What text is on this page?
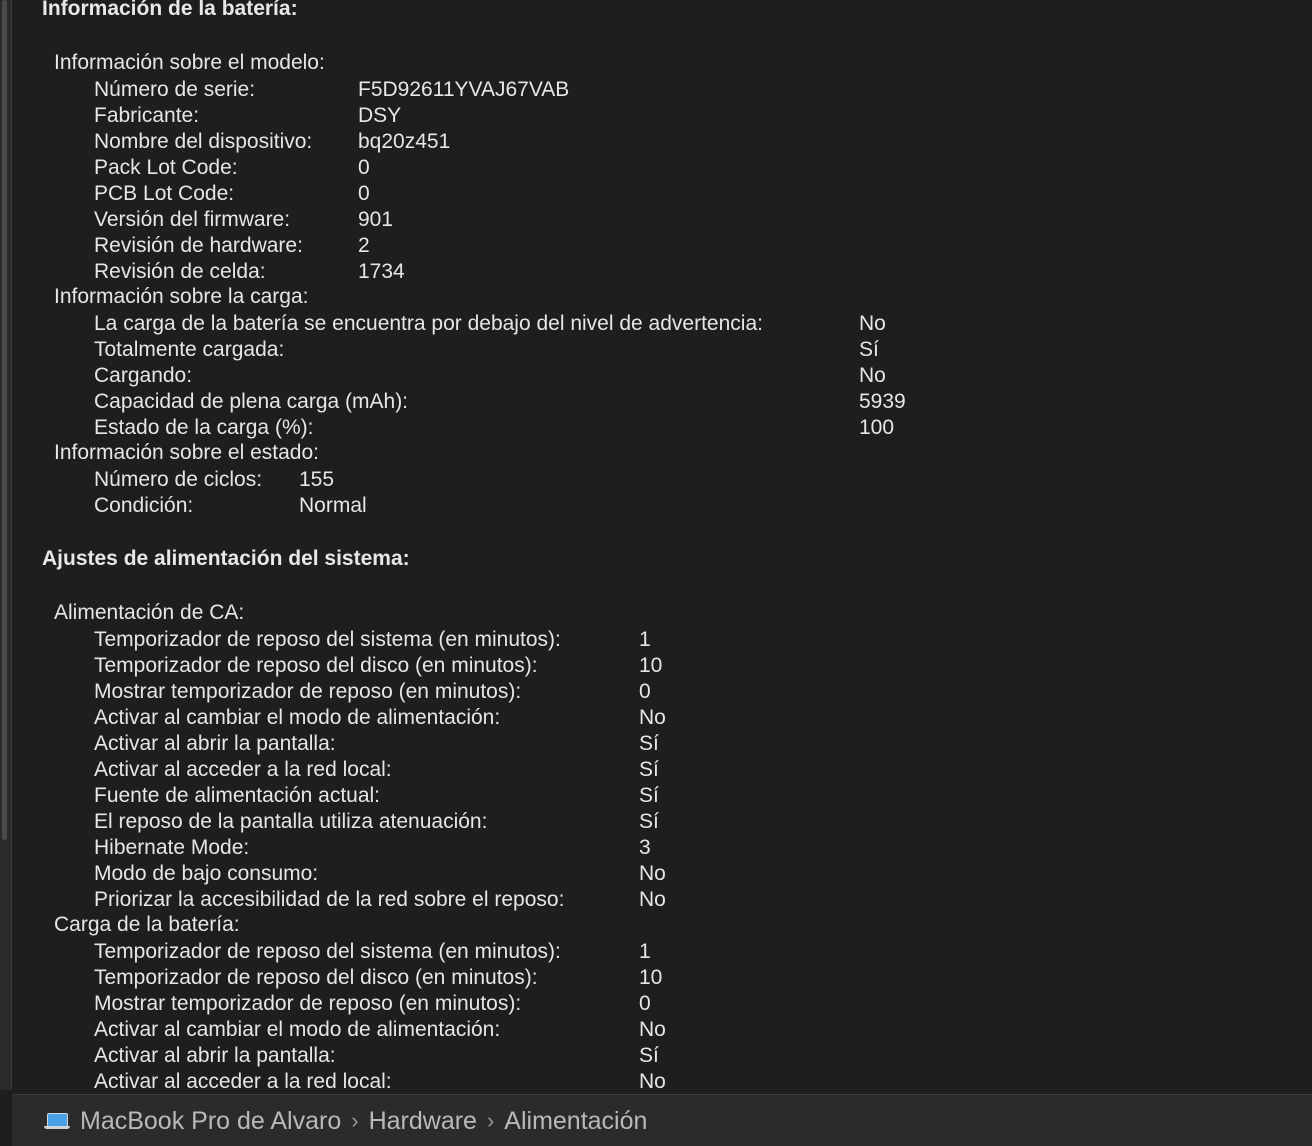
Información de la batería:
Información sobre el modelo:
Número de serie:	F5D92611YVAJ67VAB
Fabricante:	DSY
Nombre del dispositivo: bq20z451
Pack Lot Code:	0
PCB Lot Code:	0
Versión del firmware:	901
Revisión de hardware:	2
Revisión de celda:	1734
Información sobre la carga:
La carga de la batería se encuentra por debajo del nivel de advertencia:	No
Totalmente cargada:	Sí
Cargando:	No
Capacidad de plena carga (mAh):	5939
Estado de la carga (%):	100
Información sobre el estado:
Número de ciclos: 155
Condición:	Normal
Ajustes de alimentación del sistema:
Alimentación de CA:
Temporizador de reposo del sistema (en minutos):	1
Temporizador de reposo del disco (en minutos):	10
Mostrar temporizador de reposo (en minutos):	0
Activar al cambiar el modo de alimentación:	No
Activar al abrir la pantalla:	Sí
Activar al acceder a la red local:	Sí
Fuente de alimentación actual:	Sí
El reposo de la pantalla utiliza atenuación:	Sí
Hibernate Mode:	3
Modo de bajo consumo:	No
Priorizar la accesibilidad de la red sobre el reposo:	No
Carga de la batería:
Temporizador de reposo del sistema (en minutos):	1
Temporizador de reposo del disco (en minutos):	10
Mostrar temporizador de reposo (en minutos):	0
Activar al cambiar el modo de alimentación:	No
Activar al abrir la pantalla:	Sí
Activar al acceder a la red local:	No
MacBook Pro de Alvaro › Hardware › Alimentación
